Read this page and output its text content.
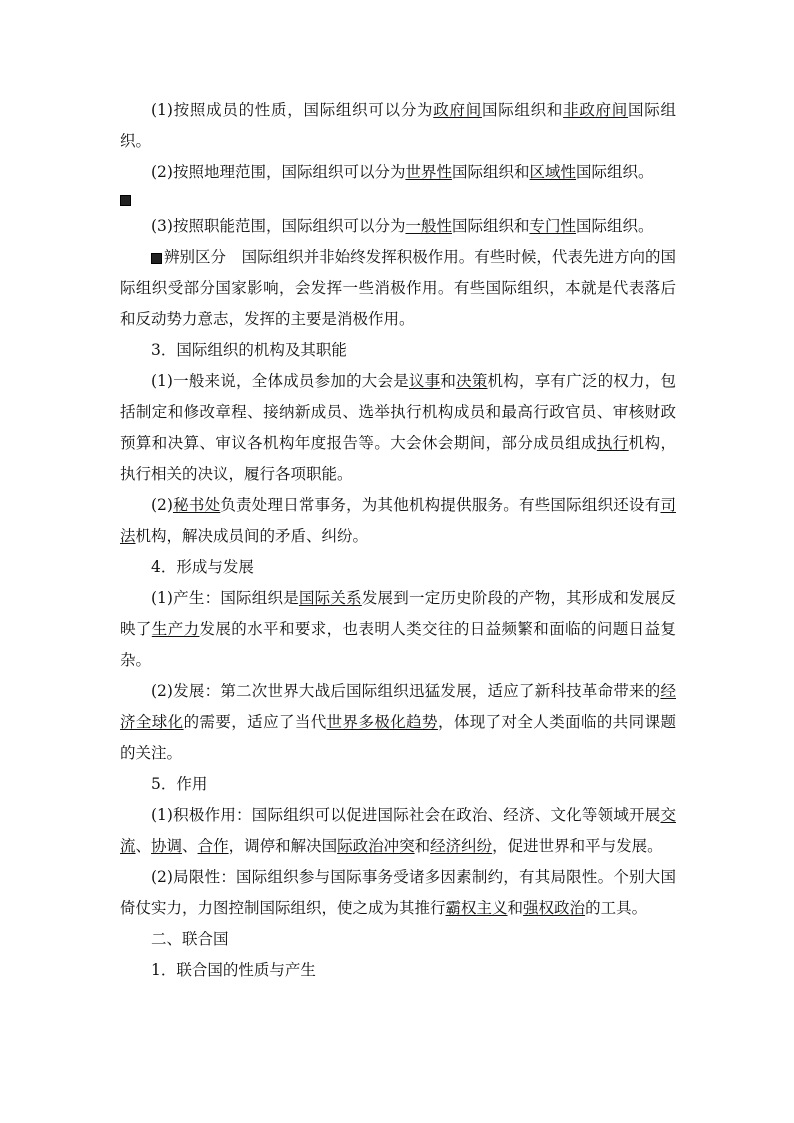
(1)按照成员的性质，国际组织可以分为政府间国际组织和非政府间国际组织。

(2)按照地理范围，国际组织可以分为世界性国际组织和区域性国际组织。

(3)按照职能范围，国际组织可以分为一般性国际组织和专门性国际组织。

辨别区分　国际组织并非始终发挥积极作用。有些时候，代表先进方向的国际组织受部分国家影响，会发挥一些消极作用。有些国际组织，本就是代表落后和反动势力意志，发挥的主要是消极作用。

3．国际组织的机构及其职能

(1)一般来说，全体成员参加的大会是议事和决策机构，享有广泛的权力，包括制定和修改章程、接纳新成员、选举执行机构成员和最高行政官员、审核财政预算和决算、审议各机构年度报告等。大会休会期间，部分成员组成执行机构，执行相关的决议，履行各项职能。

(2)秘书处负责处理日常事务，为其他机构提供服务。有些国际组织还设有司法机构，解决成员间的矛盾、纠纷。

4．形成与发展

(1)产生：国际组织是国际关系发展到一定历史阶段的产物，其形成和发展反映了生产力发展的水平和要求，也表明人类交往的日益频繁和面临的问题日益复杂。

(2)发展：第二次世界大战后国际组织迅猛发展，适应了新科技革命带来的经济全球化的需要，适应了当代世界多极化趋势，体现了对全人类面临的共同课题的关注。

5．作用

(1)积极作用：国际组织可以促进国际社会在政治、经济、文化等领域开展交流、协调、合作，调停和解决国际政治冲突和经济纠纷，促进世界和平与发展。

(2)局限性：国际组织参与国际事务受诸多因素制约，有其局限性。个别大国倚仗实力，力图控制国际组织，使之成为其推行霸权主义和强权政治的工具。

二、联合国

1．联合国的性质与产生
